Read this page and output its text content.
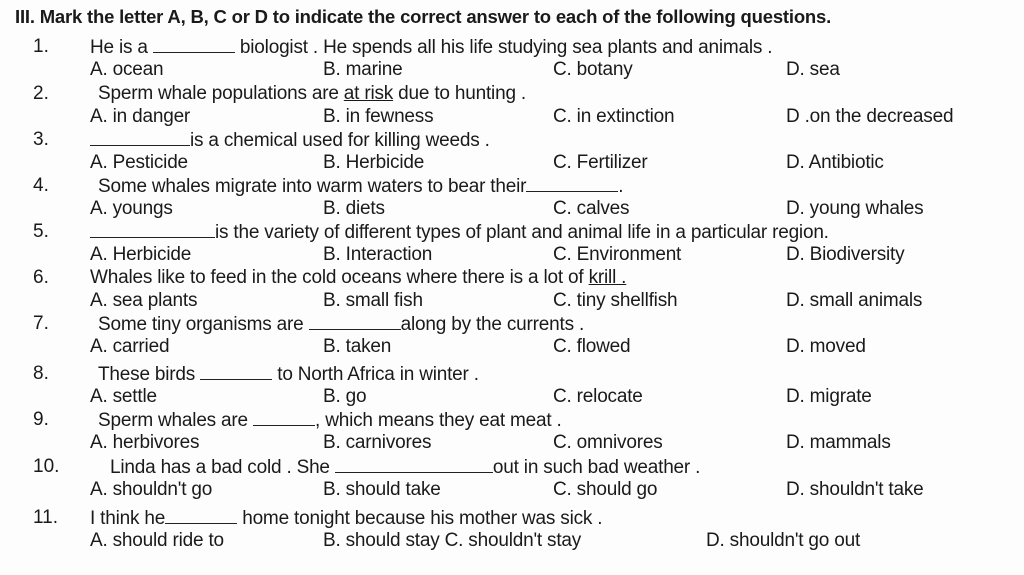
III. Mark the letter A, B, C or D to indicate the correct answer to each of the following questions.
1. He is a	biologist . He spends all his life studying sea plants and animals .
A. ocean	B. marine	C. botany	D. sea
2.	Sperm whale populations are at risk due to hunting .
A. in danger	B. in fewness	C. in extinction	D .on the decreased
3.	is a chemical used for killing weeds .
A. Pesticide	B. Herbicide	C. Fertilizer	D. Antibiotic
4.	Some whales migrate into warm waters to bear their	.
A. youngs	B. diets	C. calves	D. young whales
5.	is the variety of different types of plant and animal life in a particular region.
A. Herbicide	B. Interaction	C. Environment	D. Biodiversity
6. Whales like to feed in the cold oceans where there is a lot of krill .
A. sea plants	B. small fish	C. tiny shellfish	D. small animals
7.	Some tiny organisms are	along by the currents .
A. carried	B. taken	C. flowed	D. moved
8.	These birds	to North Africa in winter .
A. settle	B. go	C. relocate	D. migrate
9.	Sperm whales are	, which means they eat meat .
A. herbivores	B. carnivores	C. omnivores	D. mammals
10.	Linda has a bad cold . She	out in such bad weather .
A. shouldn't go	B. should take	C. should go	D. shouldn't take
11. I think he	home tonight because his mother was sick .
A. should ride to	B. should stay C. shouldn't stay	D. shouldn't go out
